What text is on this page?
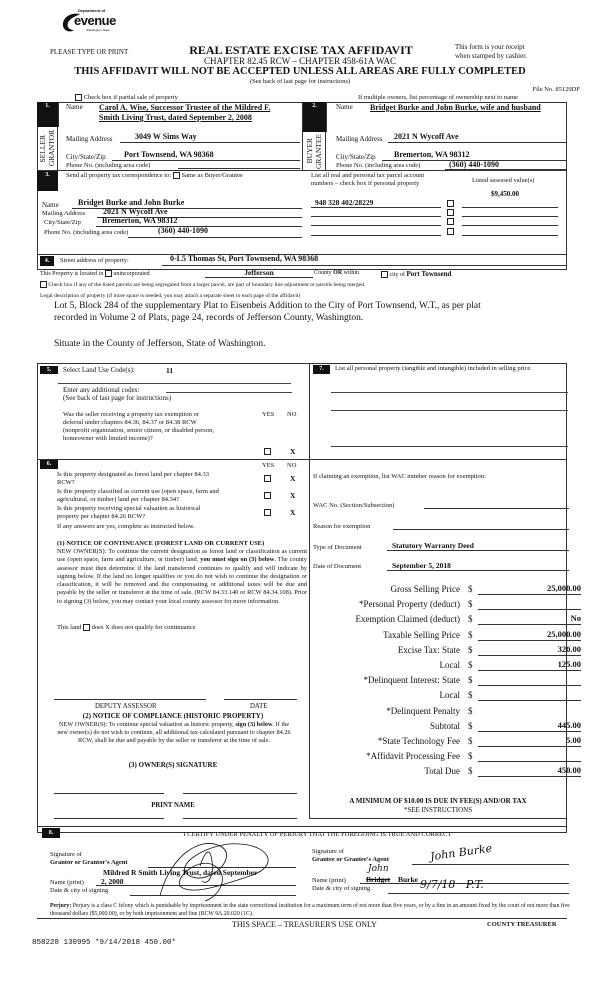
Department of
evenue
Washington State
PLEASE TYPE OR PRINT	REAL ESTATE EXCISE TAX AFFIDAVIT
CHAPTER 82.45 RCW – CHAPTER 458-61A WAC
This form is your receipt
when stamped by cashier.
THIS AFFIDAVIT WILL NOT BE ACCEPTED UNLESS ALL AREAS ARE FULLY COMPLETED
(See back of last page for instructions)
File No. 85129DF
Check box if partial sale of property	If multiple owners, list percentage of ownership next to name
1.
SELLER GRANTOR
Name Carol A. Wise, Successor Trustee of the Mildred F.
Smith Living Trust, dated September 2, 2008
Mailing Address	3049 W Sims Way
City/State/Zip	Port Townsend, WA 98368
Phone No. (including area code)
2.
BUYER GRANTEE
Name Bridget Burke and John Burke, wife and husband
Mailing Address	2021 N Wycoff Ave
City/State/Zip	Bremerton, WA 98312
Phone No. (including area code)	(360) 440-1090
3.	Send all property tax correspondence to: Same as Buyer/Grantee
Name	Bridget Burke and John Burke
Mailing Address	2021 N Wycoff Ave
City/State/Zip	Bremerton, WA 98312
Phone No. (including area code)	(360) 440-1090
List all real and personal tax parcel account
numbers – check box if personal property	Listed assessed value(s)
948 328 402/28229
$9,450.00
4.	Street address of property:	0-L5 Thomas St, Port Townsend, WA 98368
This Property is located in unincorporated	Jefferson	County OR within	city of Port Townsend
Check box if any of the listed parcels are being segregated from a larger parcel, are part of boundary line adjustment or parcels being merged.
Legal description of property (if more space is needed, you may attach a separate sheet to each page of the affidavit)
Lot 5, Block 284 of the supplementary Plat to Eisenbeis Addition to the City of Port Townsend, W.T., as per plat
recorded in Volume 2 of Plats, page 24, records of Jefferson County, Washington.
Situate in the County of Jefferson, State of Washington.
5.	Select Land Use Code(s):	11
Enter any additional codes:
(See back of last page for instructions)
Was the seller receiving a property tax exemption or
deferral under chapters 84.36, 84.37 or 84.38 RCW
(nonprofit organization, senior citizen, or disabled person,
homeowner with limited income)?
YES NO
X
6.	YES NO
Is this property designated as forest land per chapter 84.33
RCW?	X
Is this property classified as current use (open space, farm and
agricultural, or timber) land per chapter 84.34?	X
Is this property receiving special valuation as historical
property per chapter 84.26 RCW?	X
If any answers are yes, complete as instructed below.
(1) NOTICE OF CONTINUANCE (FOREST LAND OR CURRENT USE)
NEW OWNER(S): To continue the current designation as forest land or classification as current use (open space, farm and agriculture, or timber) land, you must sign on (3) below. The county assessor must then determine if the land transferred continues to qualify and will indicate by signing below. If the land no longer qualifies or you do not wish to continue the designation or classification, it will be removed and the compensating or additional taxes will be due and payable by the seller or transferor at the time of sale. (RCW 84.33.140 or RCW 84.34.108). Prior to signing (3) below, you may contact your local county assessor for more information.
This land does X does not qualify for continuance
DEPUTY ASSESSOR	DATE
(2) NOTICE OF COMPLIANCE (HISTORIC PROPERTY)
NEW OWNER(S): To continue special valuation as historic property, sign (3) below. If the new owner(s) do not wish to continue, all additional tax calculated pursuant to chapter 84.26 RCW, shall be due and payable by the seller or transferor at the time of sale.
(3) OWNER(S) SIGNATURE
PRINT NAME
7.	List all personal property (tangible and intangible) included in selling price.
If claiming an exemption, list WAC number reason for exemption:
WAC No. (Section/Subsection)
Reason for exemption
Type of Document	Statutory Warranty Deed
Date of Document	September 5, 2018
Gross Selling Price $	25,000.00
*Personal Property (deduct) $
Exemption Claimed (deduct) $	No
Taxable Selling Price $	25,000.00
Excise Tax: State $	320.00
Local $	125.00
*Delinquent Interest: State $
Local $
*Delinquent Penalty $
Subtotal $	445.00
*State Technology Fee $	5.00
*Affidavit Processing Fee $
Total Due $	450.00
A MINIMUM OF $10.00 IS DUE IN FEE(S) AND/OR TAX
*SEE INSTRUCTIONS
8.	I CERTIFY UNDER PENALTY OF PERJURY THAT THE FOREGOING IS TRUE AND CORRECT
Signature of
Grantor or Grantor's Agent
Mildred R Smith Living Trust, dated September
Name (print) 2, 2008
Date & city of signing
Signature of
Grantee or Grantee's Agent	John Burke
Name (print)
John
Bridget Burke
Date & city of signing	9/7/18   P.T.
Perjury: Perjury is a class C felony which is punishable by imprisonment in the state correctional institution for a maximum term of not more than five years, or by a fine in an amount fixed by the court of not more than five thousand dollars ($5,000.00), or by both imprisonment and fine (RCW 9A.20.020 (1C).
THIS SPACE – TREASURER'S USE ONLY	COUNTY TREASURER
858228 130995 *9/14/2018 450.00*
